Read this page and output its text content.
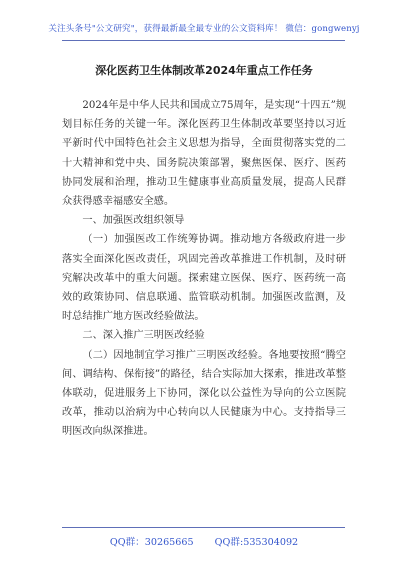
关注头条号"公文研究"，获得最新最全最专业的公文资料库！ 微信：gongwenyj
深化医药卫生体制改革2024年重点工作任务

2024年是中华人民共和国成立75周年，是实现“十四五”规划目标任务的关键一年。深化医药卫生体制改革要坚持以习近平新时代中国特色社会主义思想为指导，全面贯彻落实党的二十大精神和党中央、国务院决策部署，聚焦医保、医疗、医药协同发展和治理，推动卫生健康事业高质量发展，提高人民群众获得感幸福感安全感。

一、加强医改组织领导

（一）加强医改工作统筹协调。推动地方各级政府进一步落实全面深化医改责任，巩固完善改革推进工作机制，及时研究解决改革中的重大问题。探索建立医保、医疗、医药统一高效的政策协同、信息联通、监管联动机制。加强医改监测，及时总结推广地方医改经验做法。

二、深入推广三明医改经验

（二）因地制宜学习推广三明医改经验。各地要按照“腾空间、调结构、保衔接”的路径，结合实际加大探索，推进改革整体联动，促进服务上下协同，深化以公益性为导向的公立医院改革，推动以治病为中心转向以人民健康为中心。支持指导三明医改向纵深推进。

QQ群：30265665 QQ群:535304092
